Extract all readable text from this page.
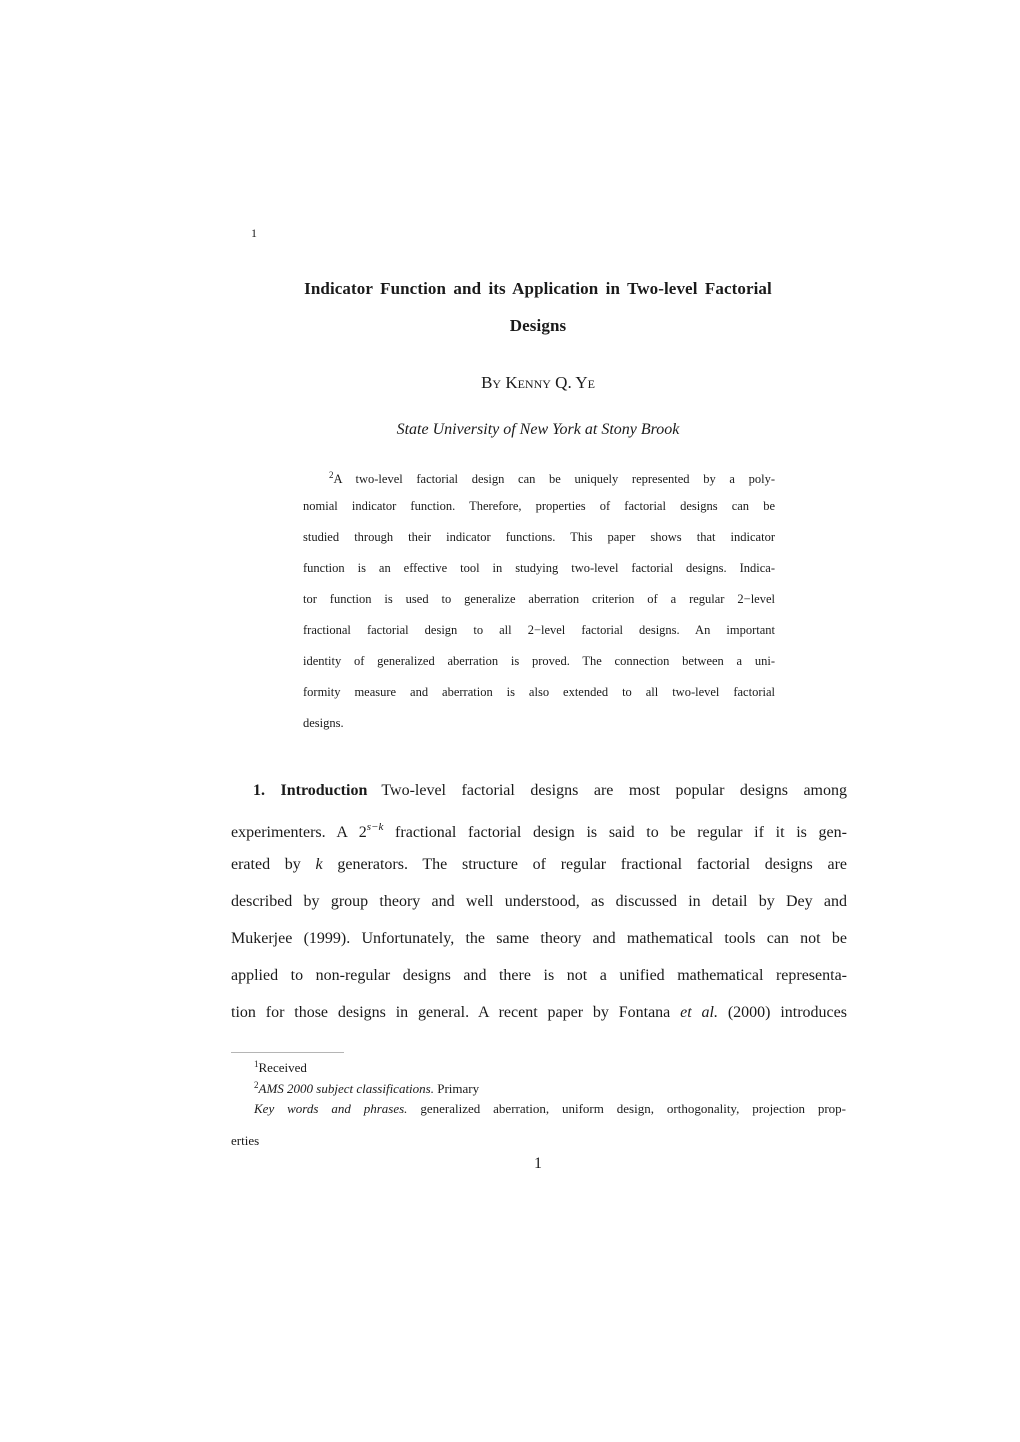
1
Indicator Function and its Application in Two-level Factorial
Designs
By Kenny Q. Ye
State University of New York at Stony Brook
$^2$A two-level factorial design can be uniquely represented by a poly-
nomial indicator function. Therefore, properties of factorial designs can be
studied through their indicator functions. This paper shows that indicator
function is an effective tool in studying two-level factorial designs. Indica-
tor function is used to generalize aberration criterion of a regular 2−level
fractional factorial design to all 2−level factorial designs. An important
identity of generalized aberration is proved. The connection between a uni-
formity measure and aberration is also extended to all two-level factorial
designs.
1. Introduction Two-level factorial designs are most popular designs among
experimenters. A $2^{s-k}$ fractional factorial design is said to be regular if it is gen-
erated by k generators. The structure of regular fractional factorial designs are
described by group theory and well understood, as discussed in detail by Dey and
Mukerjee (1999). Unfortunately, the same theory and mathematical tools can not be
applied to non-regular designs and there is not a unified mathematical representa-
tion for those designs in general. A recent paper by Fontana et al. (2000) introduces
$^1$Received
$^2$AMS 2000 subject classifications. Primary
Key words and phrases. generalized aberration, uniform design, orthogonality, projection prop-
erties
1
